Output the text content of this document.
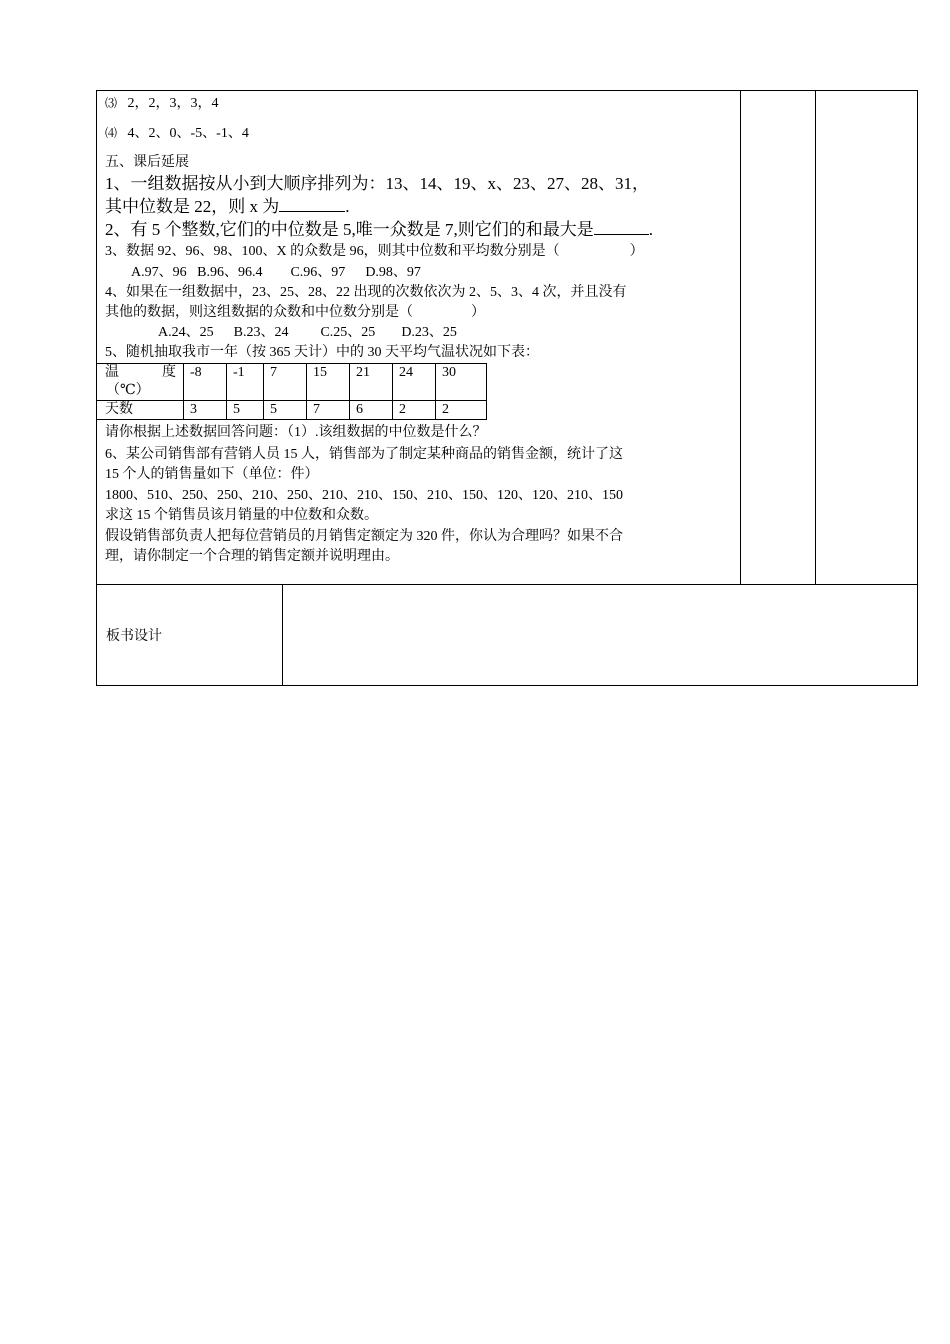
⑶ 2，2，3，3，4
⑷ 4、2、0、-5、-1、4
五、课后延展
1、一组数据按从小到大顺序排列为：13、14、19、x、23、27、28、31，
其中位数是 22，则 x 为	.
2、有 5 个整数,它们的中位数是 5,唯一众数是 7,则它们的和最大是	.
3、数据 92、96、98、100、X 的众数是 96，则其中位数和平均数分别是（	）
A.97、96 B.96、96.4 C.96、97 D.98、97
4、如果在一组数据中，23、25、28、22 出现的次数依次为 2、5、3、4 次，并且没有
其他的数据，则这组数据的众数和中位数分别是（	）
A.24、25 B.23、24 C.25、25 D.23、25
5、随机抽取我市一年（按 365 天计）中的 30 天平均气温状况如下表：
温 度
（℃）	-8	-1	7	15	21	24	30
天数	3	5	5	7	6	2	2
请你根据上述数据回答问题：（1）.该组数据的中位数是什么？
6、某公司销售部有营销人员 15 人，销售部为了制定某种商品的销售金额，统计了这
15 个人的销售量如下（单位：件）
1800、510、250、250、210、250、210、210、150、210、150、120、120、210、150
求这 15 个销售员该月销量的中位数和众数。
假设销售部负责人把每位营销员的月销售定额定为 320 件，你认为合理吗？如果不合
理，请你制定一个合理的销售定额并说明理由。
板书设计
